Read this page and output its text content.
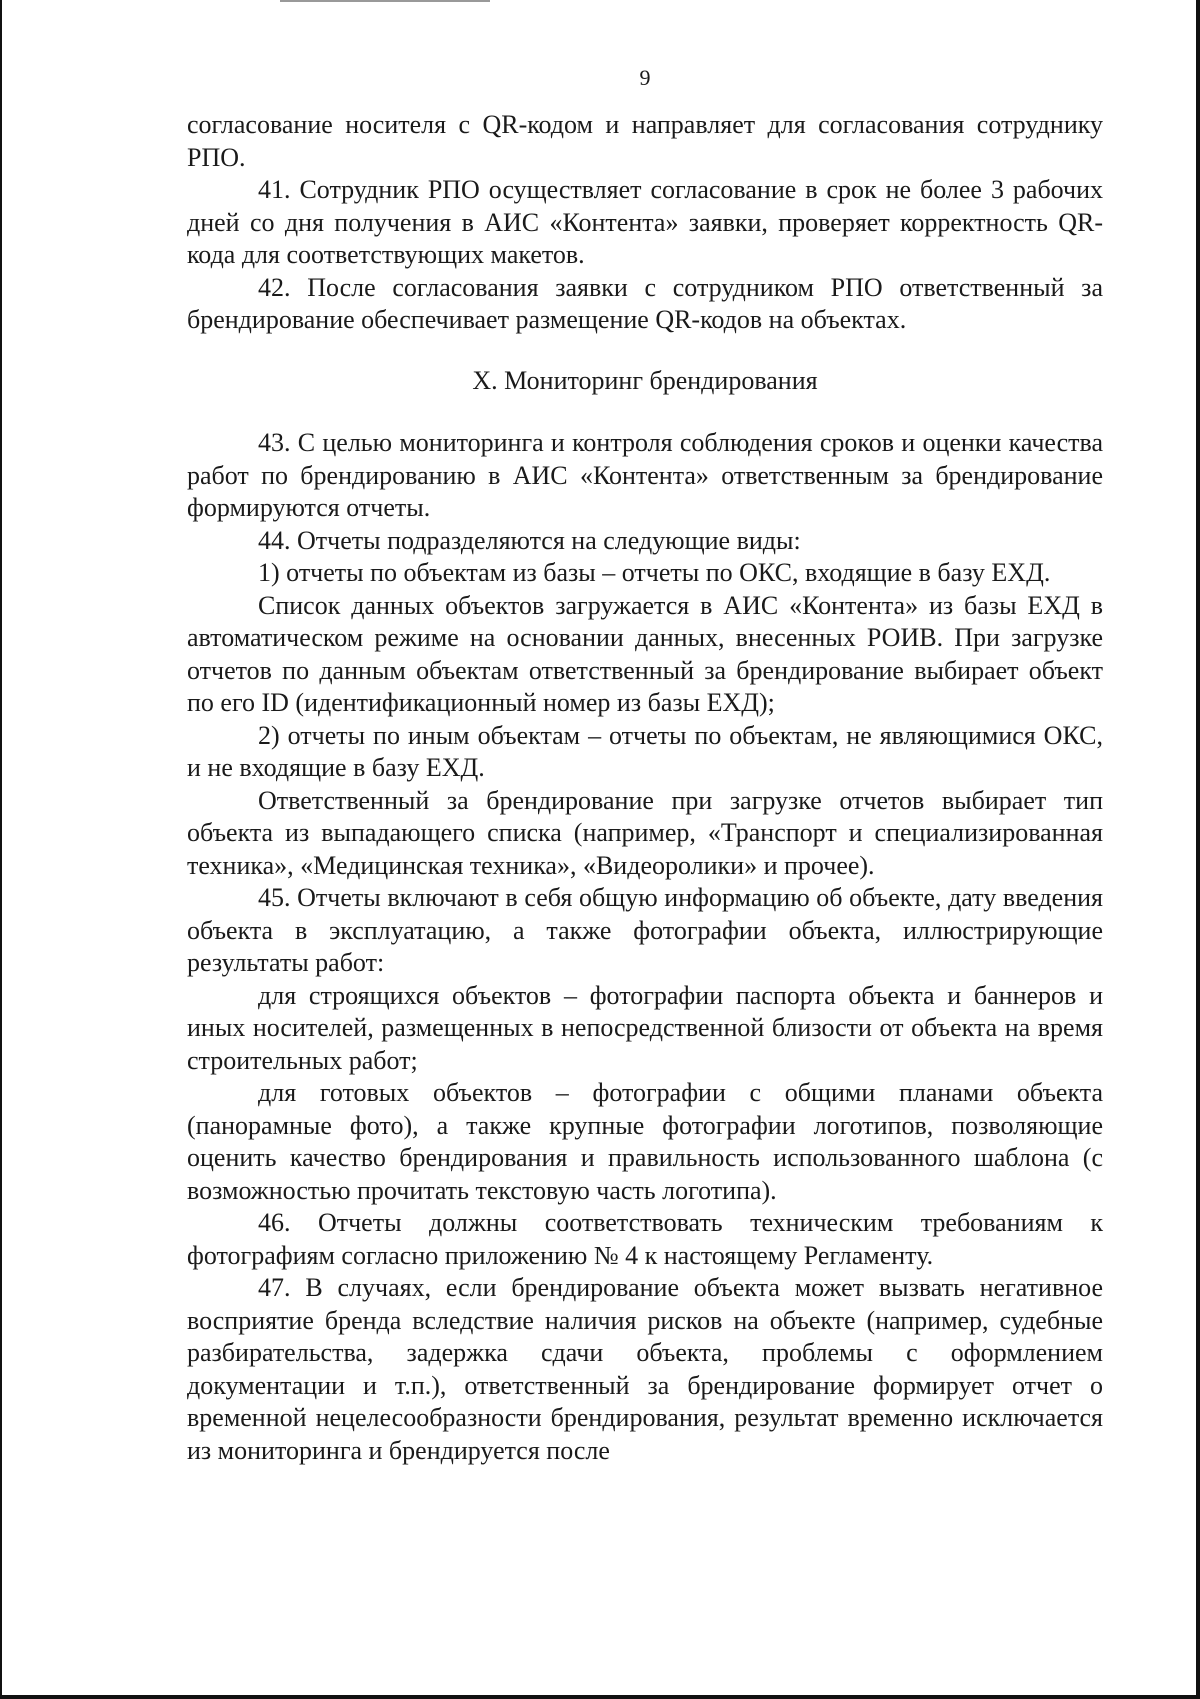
9

согласование носителя с QR-кодом и направляет для согласования сотруднику РПО.

41. Сотрудник РПО осуществляет согласование в срок не более 3 рабочих дней со дня получения в АИС «Контента» заявки, проверяет корректность QR-кода для соответствующих макетов.

42. После согласования заявки с сотрудником РПО ответственный за брендирование обеспечивает размещение QR-кодов на объектах.

X. Мониторинг брендирования

43. С целью мониторинга и контроля соблюдения сроков и оценки качества работ по брендированию в АИС «Контента» ответственным за брендирование формируются отчеты.

44. Отчеты подразделяются на следующие виды:

1) отчеты по объектам из базы – отчеты по ОКС, входящие в базу ЕХД.

Список данных объектов загружается в АИС «Контента» из базы ЕХД в автоматическом режиме на основании данных, внесенных РОИВ. При загрузке отчетов по данным объектам ответственный за брендирование выбирает объект по его ID (идентификационный номер из базы ЕХД);

2) отчеты по иным объектам – отчеты по объектам, не являющимися ОКС, и не входящие в базу ЕХД.

Ответственный за брендирование при загрузке отчетов выбирает тип объекта из выпадающего списка (например, «Транспорт и специализированная техника», «Медицинская техника», «Видеоролики» и прочее).

45. Отчеты включают в себя общую информацию об объекте, дату введения объекта в эксплуатацию, а также фотографии объекта, иллюстрирующие результаты работ:

для строящихся объектов – фотографии паспорта объекта и баннеров и иных носителей, размещенных в непосредственной близости от объекта на время строительных работ;

для готовых объектов – фотографии с общими планами объекта (панорамные фото), а также крупные фотографии логотипов, позволяющие оценить качество брендирования и правильность использованного шаблона (с возможностью прочитать текстовую часть логотипа).

46. Отчеты должны соответствовать техническим требованиям к фотографиям согласно приложению № 4 к настоящему Регламенту.

47. В случаях, если брендирование объекта может вызвать негативное восприятие бренда вследствие наличия рисков на объекте (например, судебные разбирательства, задержка сдачи объекта, проблемы с оформлением документации и т.п.), ответственный за брендирование формирует отчет о временной нецелесообразности брендирования, результат временно исключается из мониторинга и брендируется после
